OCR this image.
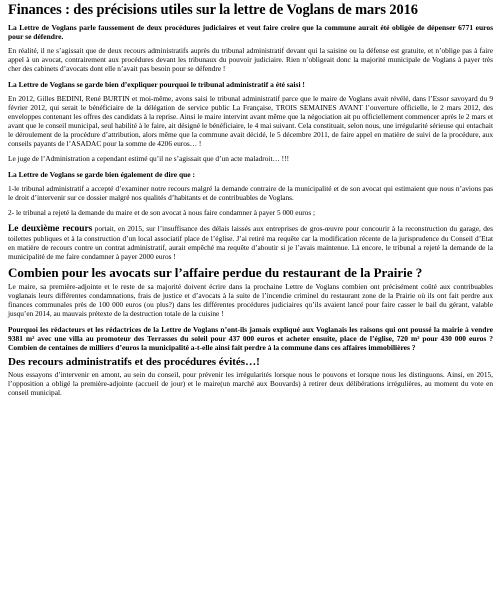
Finances : des précisions utiles sur la lettre de Voglans de mars 2016

La Lettre de Voglans parle faussement de deux procédures judiciaires et veut faire croire que la commune aurait été obligée de dépenser 6771 euros pour se défendre.

En réalité, il ne s’agissait que de deux recours administratifs auprès du tribunal administratif devant qui la saisine ou la défense est gratuite, et n’oblige pas à faire appel à un avocat, contrairement aux procédures devant les tribunaux du pouvoir judiciaire. Rien n’obligeait donc la majorité municipale de Voglans à payer très cher des cabinets d’avocats dont elle n’avait pas besoin pour se défendre !

La Lettre de Voglans se garde bien d’expliquer pourquoi le tribunal administratif a été saisi !

En 2012, Gilles BEDINI, René BURTIN et moi-même, avons saisi le tribunal administratif parce que le maire de Voglans avait révélé, dans l’Essor savoyard du 9 février 2012, qui serait le bénéficiaire de la délégation de service public La Française, TROIS SEMAINES AVANT l’ouverture officielle, le 2 mars 2012, des enveloppes contenant les offres des candidats à la reprise. Ainsi le maire intervint avant même que la négociation ait pu officiellement commencer après le 2 mars et avant que le conseil municipal, seul habilité à le faire, ait désigné le bénéficiaire, le 4 mai suivant. Cela constituait, selon nous, une irrégularité sérieuse qui entachait le déroulement de la procédure d’attribution, alors même que la commune avait décidé, le 5 décembre 2011, de faire appel en matière de suivi de la procédure, aux conseils payants de l’ASADAC pour la somme de 4206 euros… !

Le juge de l’Administration a cependant estimé qu’il ne s’agissait que d’un acte maladroit… !!!

La Lettre de Voglans se garde bien également de dire que :

1-le tribunal administratif a accepté d’examiner notre recours malgré la demande contraire de la municipalité et de son avocat qui estimaient que nous n’avions pas le droit d’intervenir sur ce dossier malgré nos qualités d’habitants et de contribuables de Voglans.

2- le tribunal a rejeté la demande du maire et de son avocat à nous faire condamner à payer 5 000 euros ;

Le deuxième recours portait, en 2015, sur l’insuffisance des délais laissés aux entreprises de gros-œuvre pour concourir à la reconstruction du garage, des toilettes publiques et à la construction d’un local associatif place de l’église. J’ai retiré ma requête car la modification récente de la jurisprudence du Conseil d’Etat en matière de recours contre un contrat administratif, aurait empêché ma requête d’aboutir si je l’avais maintenue. Là encore, le tribunal a rejeté la demande de la municipalité de me faire condamner à payer 2000 euros !

Combien pour les avocats sur l’affaire perdue du restaurant de la Prairie ?

Le maire, sa première-adjointe et le reste de sa majorité doivent écrire dans la prochaine Lettre de Voglans combien ont précisément coûté aux contribuables voglanais leurs différentes condamnations, frais de justice et d’avocats à la suite de l’incendie criminel du restaurant zone de la Prairie où ils ont fait perdre aux finances communales près de 100 000 euros (ou plus?) dans les différentes procédures judiciaires qu’ils avaient lancé pour faire casser le bail du gérant, valable jusqu’en 2014, au mauvais prétexte de la destruction totale de la cuisine !

Pourquoi les rédacteurs et les rédactrices de la Lettre de Voglans n’ont-ils jamais expliqué aux Voglanais les raisons qui ont poussé la mairie à vendre 9381 m² avec une villa au promoteur des Terrasses du soleil pour 437 000 euros et acheter ensuite, place de l’église, 720 m² pour 430 000 euros ? Combien de centaines de milliers d’euros la municipalité a-t-elle ainsi fait perdre à la commune dans ces affaires immobilières ?

Des recours administratifs et des procédures évités…!

Nous essayons d’intervenir en amont, au sein du conseil, pour prévenir les irrégularités lorsque nous le pouvons et lorsque nous les distinguons. Ainsi, en 2015, l’opposition a obligé la première-adjointe (accueil de jour) et le maire(un marché aux Bouvards) à retirer deux délibérations irrégulières, au moment du vote en conseil municipal.
